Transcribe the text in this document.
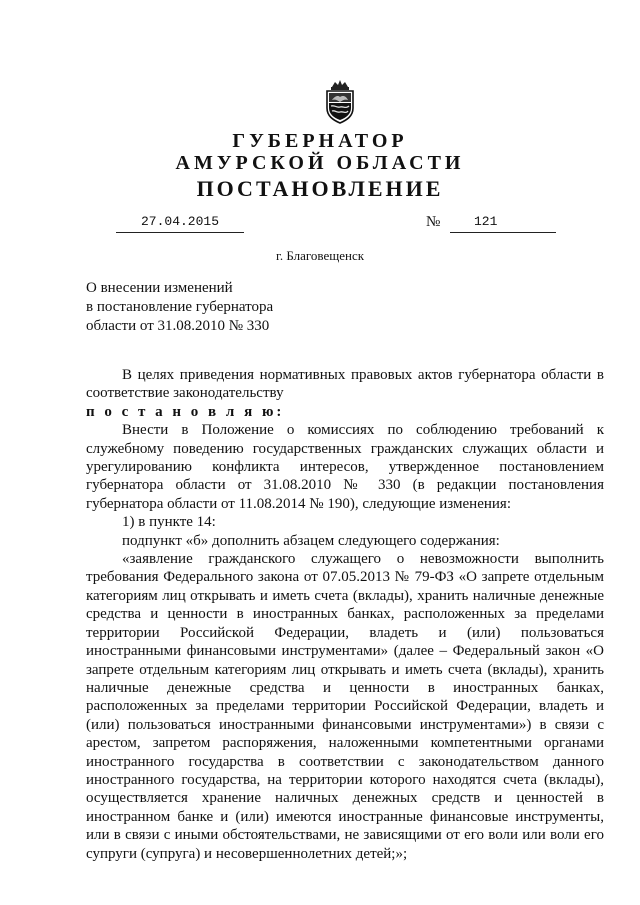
ГУБЕРНАТОР
АМУРСКОЙ ОБЛАСТИ
ПОСТАНОВЛЕНИЕ
27.04.2015	№	121
г. Благовещенск
О внесении изменений
в постановление губернатора
области от 31.08.2010 № 330
В целях приведения нормативных правовых актов губернатора области в
соответствие законодательству
п о с т а н о в л я ю:
Внести в Положение о комиссиях по соблюдению требований к
служебному поведению государственных гражданских служащих области и
урегулированию конфликта интересов, утвержденное постановлением
губернатора области от 31.08.2010 № 330 (в редакции постановления
губернатора области от 11.08.2014 № 190), следующие изменения:
1) в пункте 14:
подпункт «б» дополнить абзацем следующего содержания:
«заявление гражданского служащего о невозможности выполнить
требования Федерального закона от 07.05.2013 № 79-ФЗ «О запрете отдельным
категориям лиц открывать и иметь счета (вклады), хранить наличные денежные
средства и ценности в иностранных банках, расположенных за пределами
территории Российской Федерации, владеть и (или) пользоваться
иностранными финансовыми инструментами» (далее – Федеральный закон «О
запрете отдельным категориям лиц открывать и иметь счета (вклады), хранить
наличные денежные средства и ценности в иностранных банках,
расположенных за пределами территории Российской Федерации, владеть и
(или) пользоваться иностранными финансовыми инструментами») в связи с
арестом, запретом распоряжения, наложенными компетентными органами
иностранного государства в соответствии с законодательством данного
иностранного государства, на территории которого находятся счета (вклады),
осуществляется хранение наличных денежных средств и ценностей в
иностранном банке и (или) имеются иностранные финансовые инструменты,
или в связи с иными обстоятельствами, не зависящими от его воли или воли его
супруги (супруга) и несовершеннолетних детей;»;
